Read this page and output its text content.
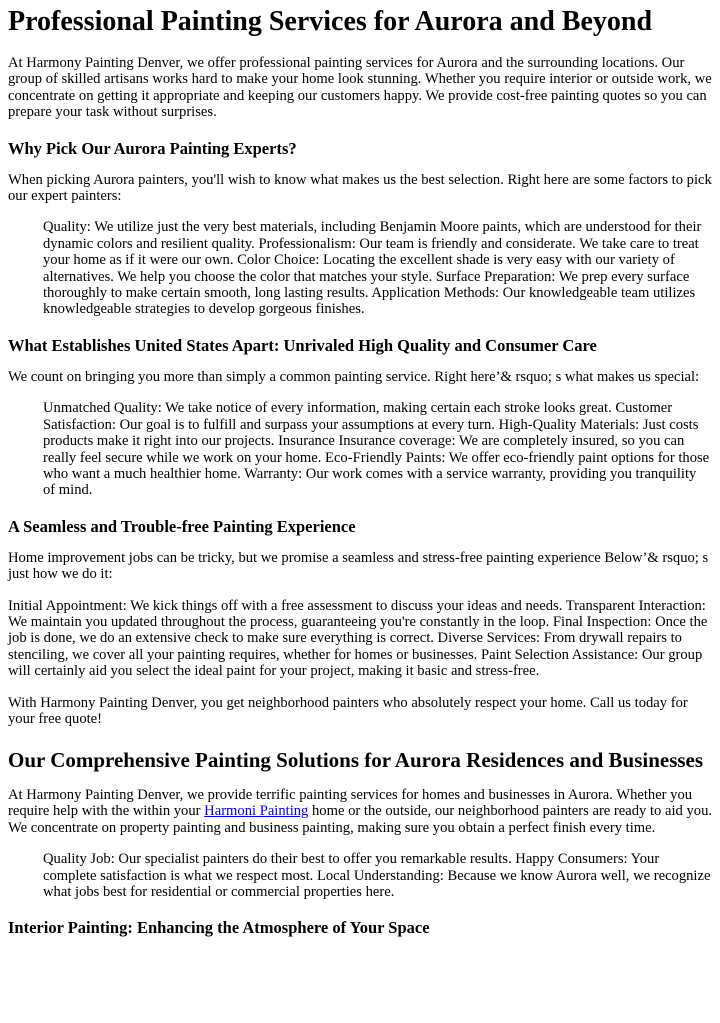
Professional Painting Services for Aurora and Beyond

At Harmony Painting Denver, we offer professional painting services for Aurora and the surrounding locations. Our group of skilled artisans works hard to make your home look stunning. Whether you require interior or outside work, we concentrate on getting it appropriate and keeping our customers happy. We provide cost-free painting quotes so you can prepare your task without surprises.

Why Pick Our Aurora Painting Experts?

When picking Aurora painters, you'll wish to know what makes us the best selection. Right here are some factors to pick our expert painters:

Quality: We utilize just the very best materials, including Benjamin Moore paints, which are understood for their dynamic colors and resilient quality. Professionalism: Our team is friendly and considerate. We take care to treat your home as if it were our own. Color Choice: Locating the excellent shade is very easy with our variety of alternatives. We help you choose the color that matches your style. Surface Preparation: We prep every surface thoroughly to make certain smooth, long lasting results. Application Methods: Our knowledgeable team utilizes knowledgeable strategies to develop gorgeous finishes.
What Establishes United States Apart: Unrivaled High Quality and Consumer Care

We count on bringing you more than simply a common painting service. Right here’& rsquo; s what makes us special:

Unmatched Quality: We take notice of every information, making certain each stroke looks great. Customer Satisfaction: Our goal is to fulfill and surpass your assumptions at every turn. High-Quality Materials: Just costs products make it right into our projects. Insurance Insurance coverage: We are completely insured, so you can really feel secure while we work on your home. Eco-Friendly Paints: We offer eco-friendly paint options for those who want a much healthier home. Warranty: Our work comes with a service warranty, providing you tranquility of mind.
A Seamless and Trouble-free Painting Experience

Home improvement jobs can be tricky, but we promise a seamless and stress-free painting experience Below’& rsquo; s just how we do it:

Initial Appointment: We kick things off with a free assessment to discuss your ideas and needs. Transparent Interaction: We maintain you updated throughout the process, guaranteeing you're constantly in the loop. Final Inspection: Once the job is done, we do an extensive check to make sure everything is correct. Diverse Services: From drywall repairs to stenciling, we cover all your painting requires, whether for homes or businesses. Paint Selection Assistance: Our group will certainly aid you select the ideal paint for your project, making it basic and stress-free.

With Harmony Painting Denver, you get neighborhood painters who absolutely respect your home. Call us today for your free quote!

Our Comprehensive Painting Solutions for Aurora Residences and Businesses

At Harmony Painting Denver, we provide terrific painting services for homes and businesses in Aurora. Whether you require help with the within your Harmoni Painting home or the outside, our neighborhood painters are ready to aid you. We concentrate on property painting and business painting, making sure you obtain a perfect finish every time.

Quality Job: Our specialist painters do their best to offer you remarkable results. Happy Consumers: Your complete satisfaction is what we respect most. Local Understanding: Because we know Aurora well, we recognize what jobs best for residential or commercial properties here.
Interior Painting: Enhancing the Atmosphere of Your Space
